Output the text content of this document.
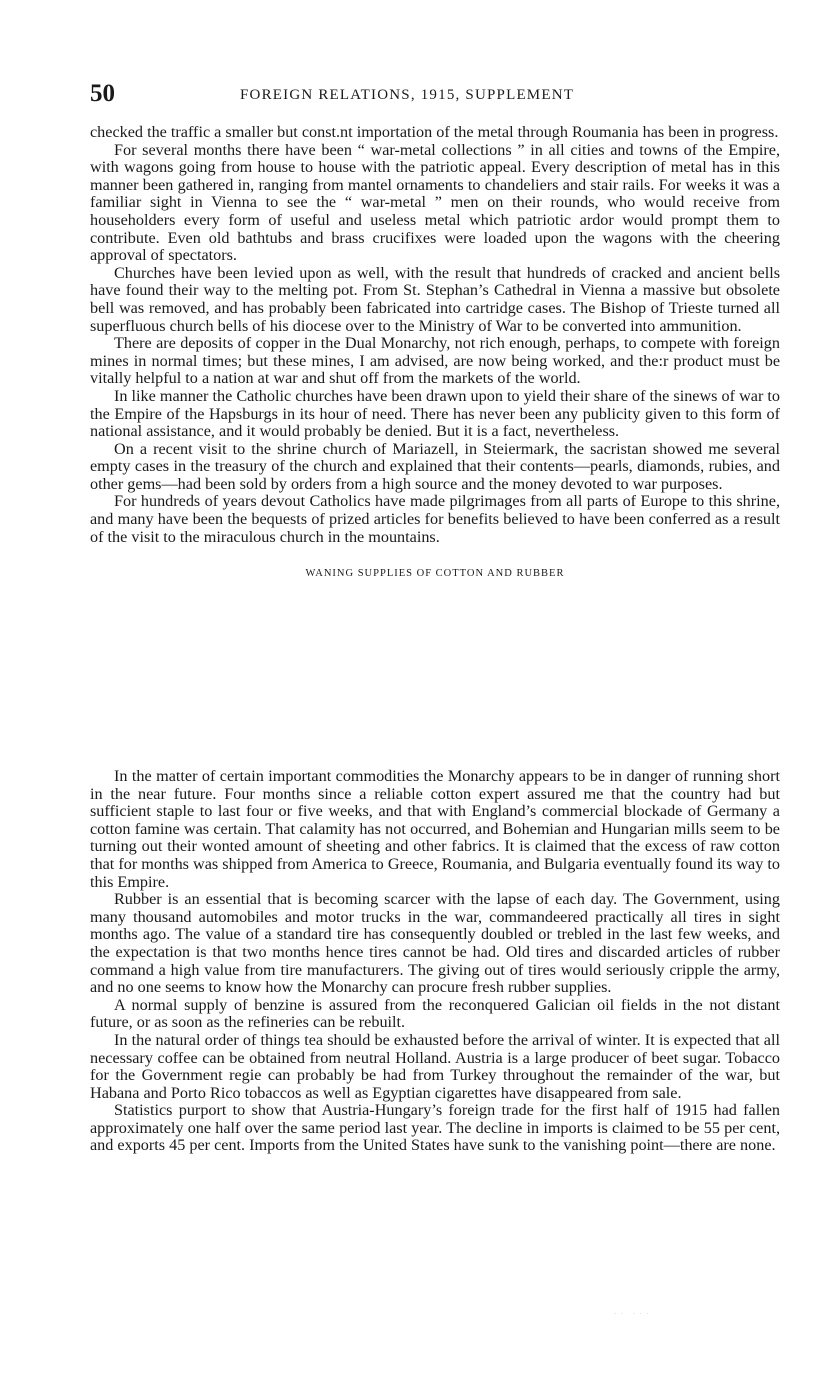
50	FOREIGN RELATIONS, 1915, SUPPLEMENT

checked the traffic a smaller but const.nt importation of the metal through Roumania has been in progress.

For several months there have been “ war-metal collections ” in all cities and towns of the Empire, with wagons going from house to house with the patriotic appeal. Every description of metal has in this manner been gathered in, ranging from mantel ornaments to chandeliers and stair rails. For weeks it was a familiar sight in Vienna to see the “ war-metal ” men on their rounds, who would receive from householders every form of useful and useless metal which patriotic ardor would prompt them to contribute. Even old bathtubs and brass crucifixes were loaded upon the wagons with the cheering approval of spectators.

Churches have been levied upon as well, with the result that hundreds of cracked and ancient bells have found their way to the melting pot. From St. Stephan’s Cathedral in Vienna a massive but obsolete bell was removed, and has probably been fabricated into cartridge cases. The Bishop of Trieste turned all superfluous church bells of his diocese over to the Ministry of War to be converted into ammunition.

There are deposits of copper in the Dual Monarchy, not rich enough, perhaps, to compete with foreign mines in normal times; but these mines, I am advised, are now being worked, and the:r product must be vitally helpful to a nation at war and shut off from the markets of the world.

In like manner the Catholic churches have been drawn upon to yield their share of the sinews of war to the Empire of the Hapsburgs in its hour of need. There has never been any publicity given to this form of national assistance, and it would probably be denied. But it is a fact, nevertheless.

On a recent visit to the shrine church of Mariazell, in Steiermark, the sacristan showed me several empty cases in the treasury of the church and explained that their contents—pearls, diamonds, rubies, and other gems—had been sold by orders from a high source and the money devoted to war purposes.

For hundreds of years devout Catholics have made pilgrimages from all parts of Europe to this shrine, and many have been the bequests of prized articles for benefits believed to have been conferred as a result of the visit to the miraculous church in the mountains.

WANING SUPPLIES OF COTTON AND RUBBER

In the matter of certain important commodities the Monarchy appears to be in danger of running short in the near future. Four months since a reliable cotton expert assured me that the country had but sufficient staple to last four or five weeks, and that with England’s commercial blockade of Germany a cotton famine was certain. That calamity has not occurred, and Bohemian and Hungarian mills seem to be turning out their wonted amount of sheeting and other fabrics. It is claimed that the excess of raw cotton that for months was shipped from America to Greece, Roumania, and Bulgaria eventually found its way to this Empire.

Rubber is an essential that is becoming scarcer with the lapse of each day. The Government, using many thousand automobiles and motor trucks in the war, commandeered practically all tires in sight months ago. The value of a standard tire has consequently doubled or trebled in the last few weeks, and the expectation is that two months hence tires cannot be had. Old tires and discarded articles of rubber command a high value from tire manufacturers. The giving out of tires would seriously cripple the army, and no one seems to know how the Monarchy can procure fresh rubber supplies.

A normal supply of benzine is assured from the reconquered Galician oil fields in the not distant future, or as soon as the refineries can be rebuilt.

In the natural order of things tea should be exhausted before the arrival of winter. It is expected that all necessary coffee can be obtained from neutral Holland. Austria is a large producer of beet sugar. Tobacco for the Government regie can probably be had from Turkey throughout the remainder of the war, but Habana and Porto Rico tobaccos as well as Egyptian cigarettes have disappeared from sale.

Statistics purport to show that Austria-Hungary’s foreign trade for the first half of 1915 had fallen approximately one half over the same period last year. The decline in imports is claimed to be 55 per cent, and exports 45 per cent. Imports from the United States have sunk to the vanishing point—there are none.

 ·· ···
